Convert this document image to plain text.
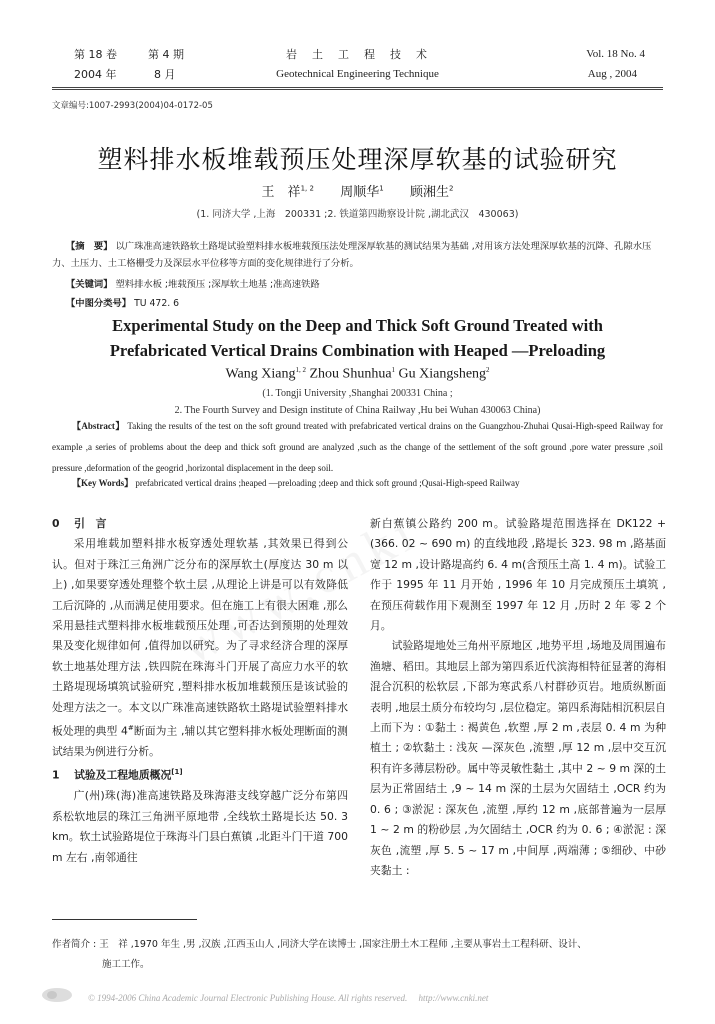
第 18 卷	第 4 期
2004 年	8 月
岩　土　工　程　技　术
Geotechnical Engineering Technique
Vol. 18 No. 4
Aug , 2004
文章编号:1007-2993(2004)04-0172-05
塑料排水板堆载预压处理深厚软基的试验研究
王　祥$^{1, 2}$ 周顺华$^1$ 顾湘生$^2$
(1. 同济大学 ,上海　200331 ;2. 铁道第四勘察设计院 ,湖北武汉　430063)
【摘　要】 以广珠准高速铁路软土路堤试验塑料排水板堆载预压法处理深厚软基的测试结果为基础 ,对用该方法处理深厚软基的沉降、孔隙水压力、土压力、土工格栅受力及深层水平位移等方面的变化规律进行了分析。
【关键词】 塑料排水板 ;堆载预压 ;深厚软土地基 ;准高速铁路
【中图分类号】 TU 472. 6
Experimental Study on the Deep and Thick Soft Ground Treated with
Prefabricated Vertical Drains Combination with Heaped —Preloading
Wang Xiang$^{1, 2}$ Zhou Shunhua$^1$ Gu Xiangsheng$^2$
(1. Tongji University ,Shanghai 200331 China ;
2. The Fourth Survey and Design institute of China Railway ,Hu bei Wuhan 430063 China)
【Abstract】 Taking the results of the test on the soft ground treated with prefabricated vertical drains on the Guangzhou-Zhuhai Qusai-High-speed Railway for example ,a series of problems about the deep and thick soft ground are analyzed ,such as the change of the settlement of the soft ground ,pore water pressure ,soil pressure ,deformation of the geogrid ,horizontal displacement in the deep soil.
【Key Words】 prefabricated vertical drains ;heaped —preloading ;deep and thick soft ground ;Qusai-High-speed Railway

0　 引　言

采用堆载加塑料排水板穿透处理软基 ,其效果已得到公认。但对于珠江三角洲广泛分布的深厚软土(厚度达 30 m 以上) ,如果要穿透处理整个软土层 ,从理论上讲是可以有效降低工后沉降的 ,从而满足使用要求。但在施工上有很大困难 ,那么采用悬挂式塑料排水板堆载预压处理 ,可否达到预期的处理效果及变化规律如何 ,值得加以研究。为了寻求经济合理的深厚软土地基处理方法 ,铁四院在珠海斗门开展了高应力水平的软土路堤现场填筑试验研究 ,塑料排水板加堆载预压是该试验的处理方法之一。本文以广珠准高速铁路软土路堤试验塑料排水板处理的典型 4#断面为主 ,辅以其它塑料排水板处理断面的测试结果为例进行分析。

1　 试验及工程地质概况[1]

广(州)珠(海)准高速铁路及珠海港支线穿越广泛分布第四系松软地层的珠江三角洲平原地带 ,全线软土路堤长达 50. 3 km。软土试验路堤位于珠海斗门县白蕉镇 ,北距斗门干道 700 m 左右 ,南邻通往

新白蕉镇公路约 200 m。试验路堤范围选择在 DK122 + (366. 02 ~ 690 m) 的直线地段 ,路堤长 323. 98 m ,路基面宽 12 m ,设计路堤高约 6. 4 m(含预压土高 1. 4 m)。试验工作于 1995 年 11 月开始 , 1996 年 10 月完成预压土填筑 ,在预压荷载作用下观测至 1997 年 12 月 ,历时 2 年 零 2 个月。

试验路堤地处三角州平原地区 ,地势平坦 ,场地及周围遍布渔塘、稻田。其地层上部为第四系近代滨海相特征显著的海相混合沉积的松软层 ,下部为寒武系八村群砂页岩。地质纵断面表明 ,地层土质分布较均匀 ,层位稳定。第四系海陆相沉积层自上而下为 : ①黏土 : 褐黄色 ,软塑 ,厚 2 m ,表层 0. 4 m 为种植土 ; ②软黏土 : 浅灰 —深灰色 ,流塑 ,厚 12 m ,层中交互沉积有许多薄层粉砂。属中等灵敏性黏土 ,其中 2 ~ 9 m 深的土层为正常固结土 ,9 ~ 14 m 深的土层为欠固结土 ,OCR 约为 0. 6 ; ③淤泥 : 深灰色 ,流塑 ,厚约 12 m ,底部普遍为一层厚 1 ~ 2 m 的粉砂层 ,为欠固结土 ,OCR 约为 0. 6 ; ④淤泥 : 深灰色 ,流塑 ,厚 5. 5 ~ 17 m ,中间厚 ,两端薄 ; ⑤细砂、中砂夹黏土 :

作者简介 : 王　祥 ,1970 年生 ,男 ,汉族 ,江西玉山人 ,同济大学在读博士 ,国家注册土木工程师 ,主要从事岩土工程科研、设计、
施工工作。
© 1994-2006 China Academic Journal Electronic Publishing House. All rights reserved.　 http://www.cnki.net
